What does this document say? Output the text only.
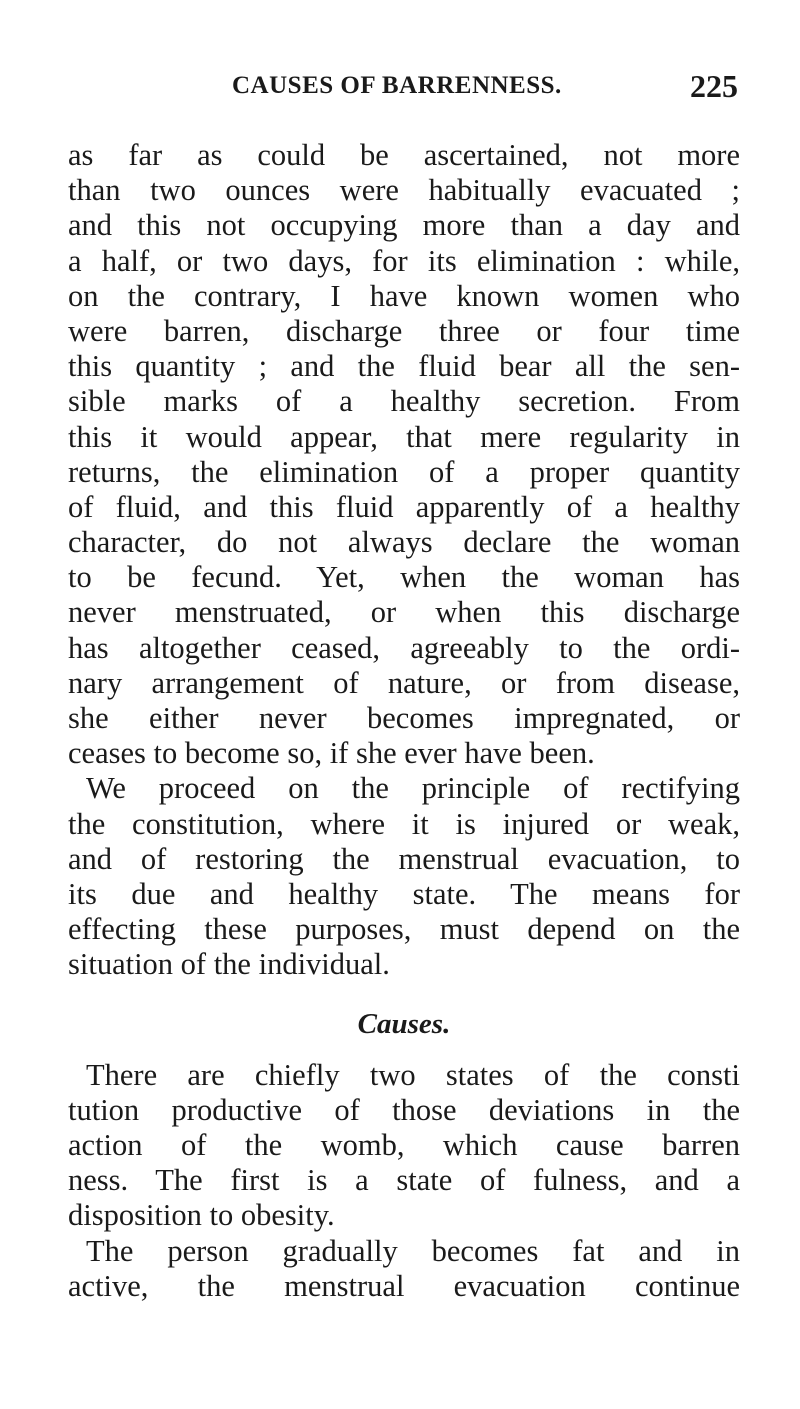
CAUSES OF BARRENNESS.	225
as far as could be ascertained, not more
than two ounces were habitually evacuated ;
and this not occupying more than a day and
a half, or two days, for its elimination : while,
on the contrary, I have known women who
were barren, discharge three or four time
this quantity ; and the fluid bear all the sen-
sible marks of a healthy secretion. From
this it would appear, that mere regularity in
returns, the elimination of a proper quantity
of fluid, and this fluid apparently of a healthy
character, do not always declare the woman
to be fecund. Yet, when the woman has
never menstruated, or when this discharge
has altogether ceased, agreeably to the ordi-
nary arrangement of nature, or from disease,
she either never becomes impregnated, or
ceases to become so, if she ever have been.
We proceed on the principle of rectifying
the constitution, where it is injured or weak,
and of restoring the menstrual evacuation, to
its due and healthy state. The means for
effecting these purposes, must depend on the
situation of the individual.
Causes.
There are chiefly two states of the consti
tution productive of those deviations in the
action of the womb, which cause barren
ness. The first is a state of fulness, and a
disposition to obesity.
The person gradually becomes fat and in
active, the menstrual evacuation continue
